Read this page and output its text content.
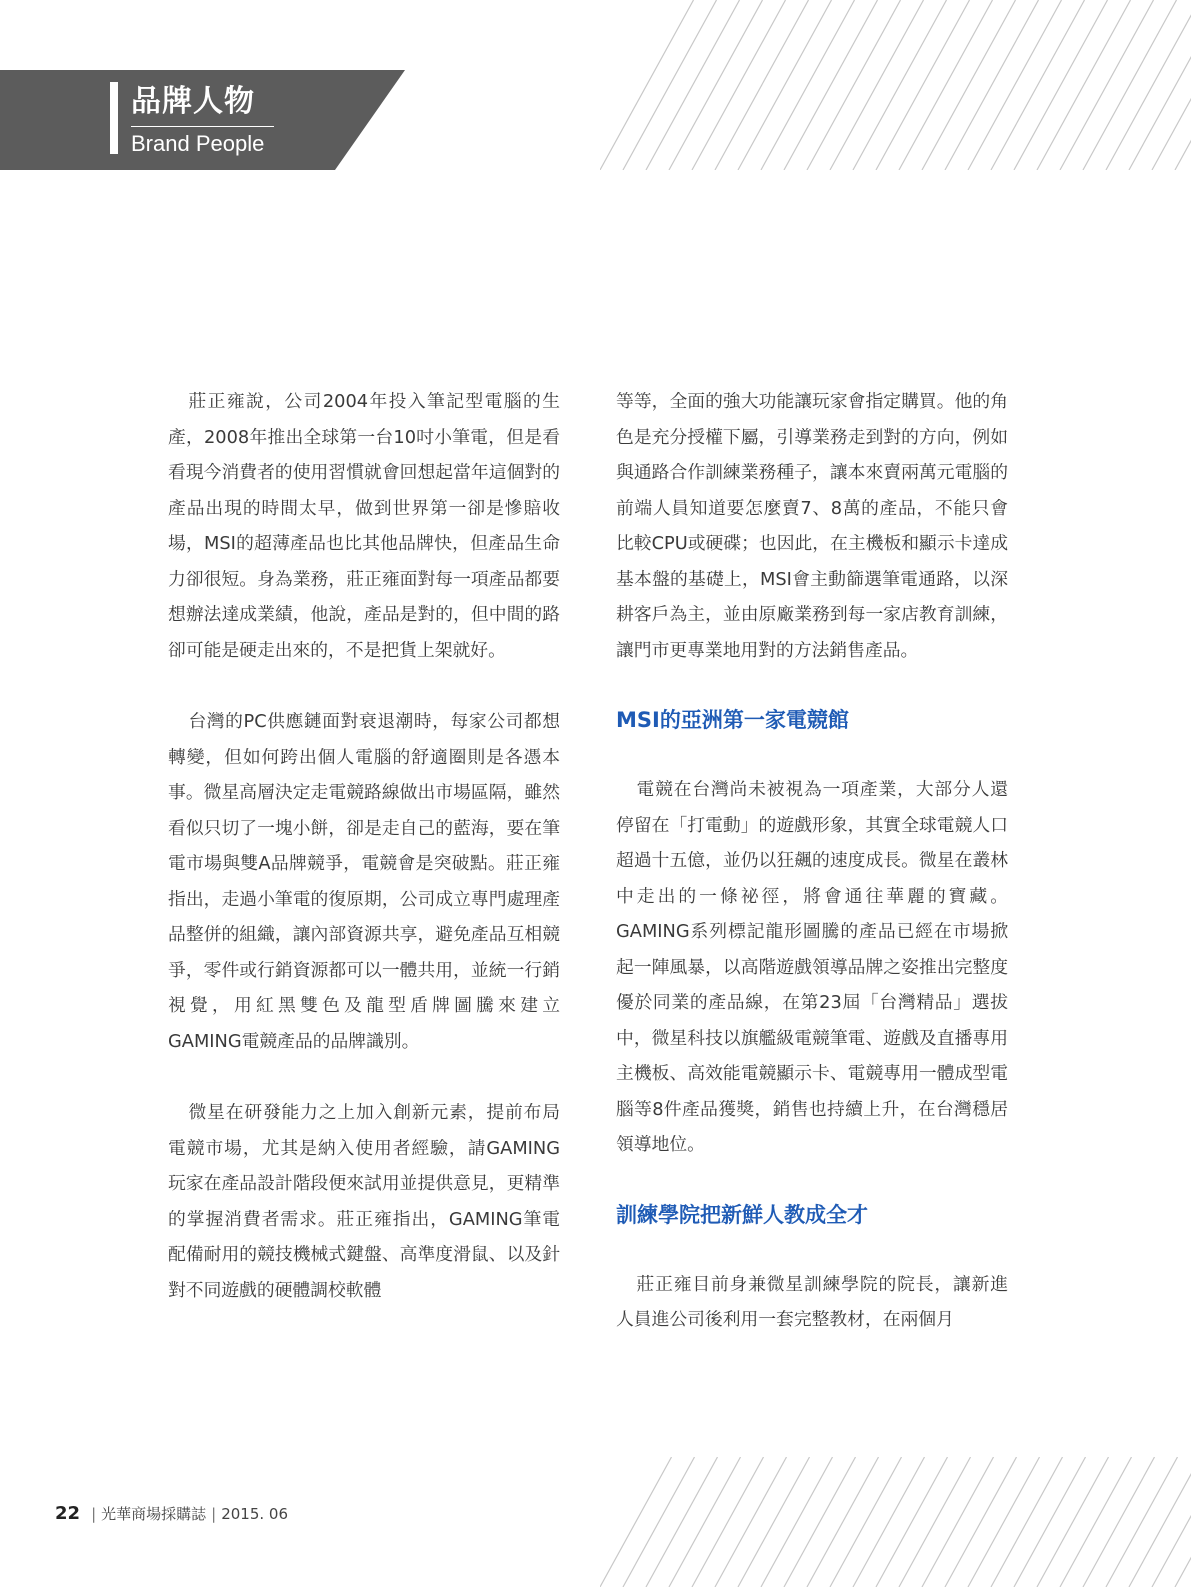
品牌人物
Brand People

莊正雍說，公司2004年投入筆記型電腦的生產，2008年推出全球第一台10吋小筆電，但是看看現今消費者的使用習慣就會回想起當年這個對的產品出現的時間太早，做到世界第一卻是慘賠收場，MSI的超薄產品也比其他品牌快，但產品生命力卻很短。身為業務，莊正雍面對每一項產品都要想辦法達成業績，他說，產品是對的，但中間的路卻可能是硬走出來的，不是把貨上架就好。

台灣的PC供應鏈面對衰退潮時，每家公司都想轉變，但如何跨出個人電腦的舒適圈則是各憑本事。微星高層決定走電競路線做出市場區隔，雖然看似只切了一塊小餅，卻是走自己的藍海，要在筆電市場與雙A品牌競爭，電競會是突破點。莊正雍指出，走過小筆電的復原期，公司成立專門處理產品整併的組織，讓內部資源共享，避免產品互相競爭，零件或行銷資源都可以一體共用，並統一行銷視覺，用紅黑雙色及龍型盾牌圖騰來建立GAMING電競產品的品牌識別。

微星在研發能力之上加入創新元素，提前布局電競市場，尤其是納入使用者經驗，請GAMING玩家在產品設計階段便來試用並提供意見，更精準的掌握消費者需求。莊正雍指出，GAMING筆電配備耐用的競技機械式鍵盤、高準度滑鼠、以及針對不同遊戲的硬體調校軟體

等等，全面的強大功能讓玩家會指定購買。他的角色是充分授權下屬，引導業務走到對的方向，例如與通路合作訓練業務種子，讓本來賣兩萬元電腦的前端人員知道要怎麼賣7、8萬的產品，不能只會比較CPU或硬碟；也因此，在主機板和顯示卡達成基本盤的基礎上，MSI會主動篩選筆電通路，以深耕客戶為主，並由原廠業務到每一家店教育訓練，讓門市更專業地用對的方法銷售產品。

MSI的亞洲第一家電競館

電競在台灣尚未被視為一項產業，大部分人還停留在「打電動」的遊戲形象，其實全球電競人口超過十五億，並仍以狂飆的速度成長。微星在叢林中走出的一條祕徑，將會通往華麗的寶藏。GAMING系列標記龍形圖騰的產品已經在市場掀起一陣風暴，以高階遊戲領導品牌之姿推出完整度優於同業的產品線，在第23屆「台灣精品」選拔中，微星科技以旗艦級電競筆電、遊戲及直播專用主機板、高效能電競顯示卡、電競專用一體成型電腦等8件產品獲獎，銷售也持續上升，在台灣穩居領導地位。

訓練學院把新鮮人教成全才

莊正雍目前身兼微星訓練學院的院長，讓新進人員進公司後利用一套完整教材，在兩個月

22 | 光華商場採購誌 | 2015. 06
